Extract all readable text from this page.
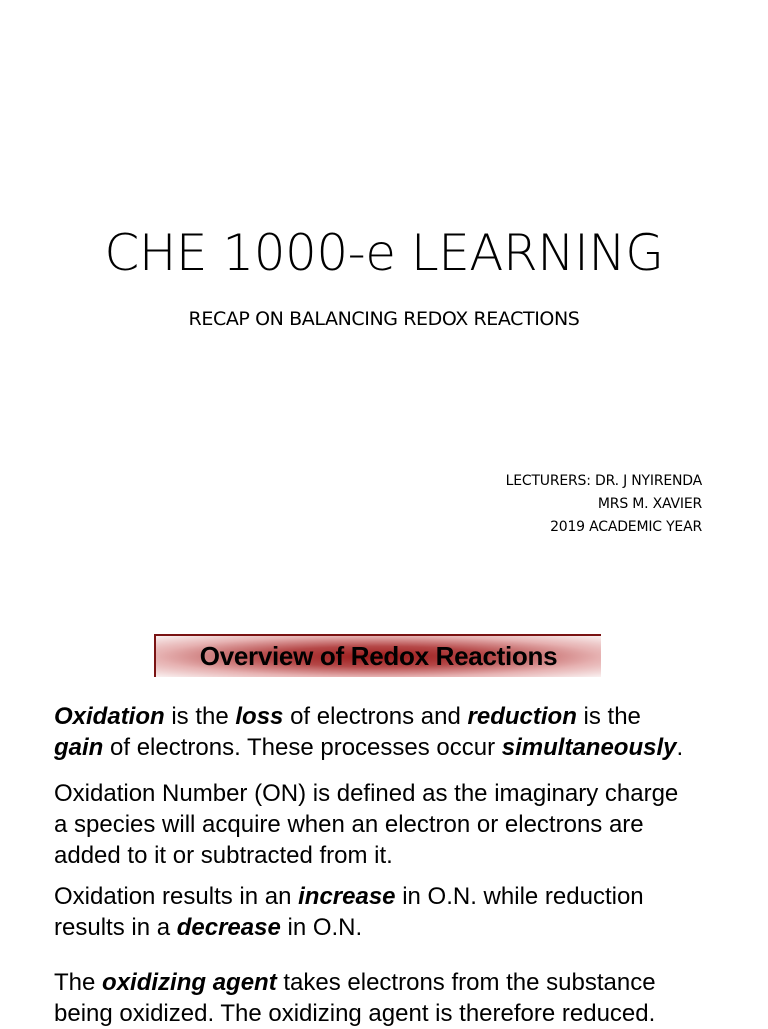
CHE 1000-e LEARNING
RECAP ON BALANCING REDOX REACTIONS
LECTURERS: DR. J NYIRENDA
MRS M. XAVIER
2019 ACADEMIC YEAR
Overview of Redox Reactions
Oxidation is the loss of electrons and reduction is the
gain of electrons. These processes occur simultaneously.
Oxidation Number (ON) is defined as the imaginary charge
a species will acquire when an electron or electrons are
added to it or subtracted from it.
Oxidation results in an increase in O.N. while reduction
results in a decrease in O.N.
The oxidizing agent takes electrons from the substance
being oxidized. The oxidizing agent is therefore reduced.
